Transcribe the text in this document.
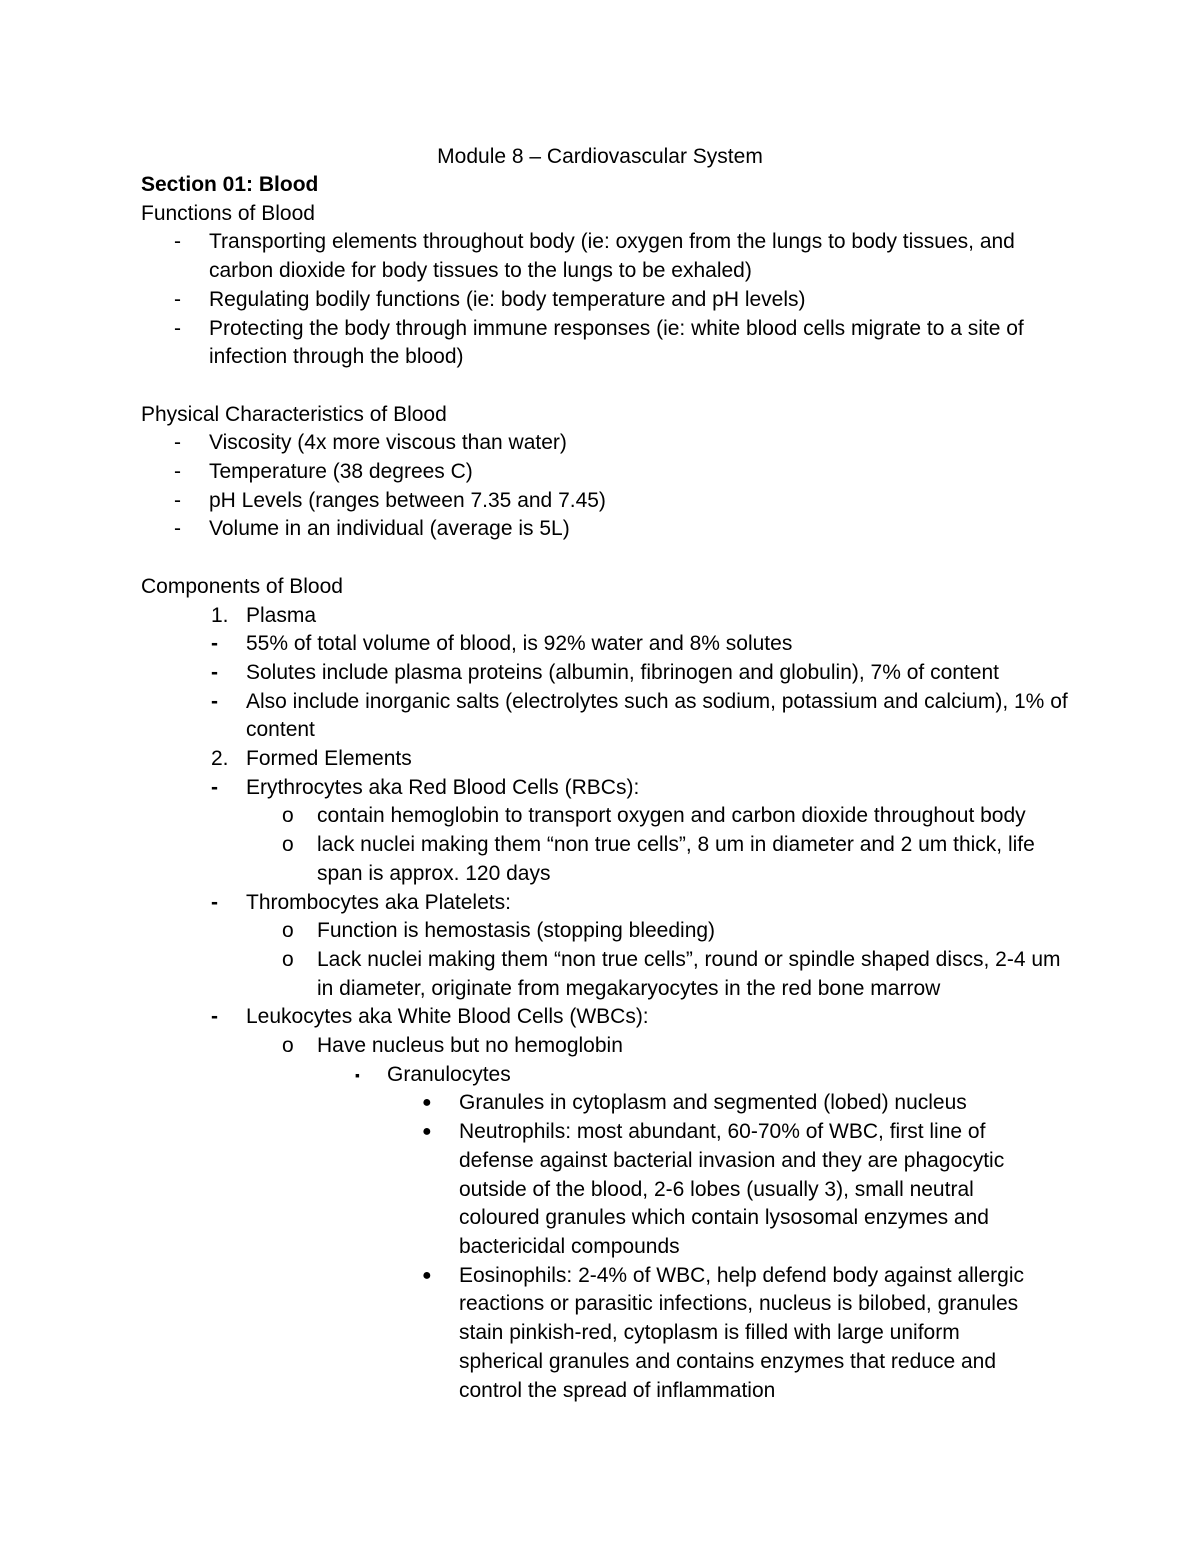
Module 8 – Cardiovascular System
Section 01: Blood
Functions of Blood
-	Transporting elements throughout body (ie: oxygen from the lungs to body tissues, and carbon dioxide for body tissues to the lungs to be exhaled)
-	Regulating bodily functions (ie: body temperature and pH levels)
-	Protecting the body through immune responses (ie: white blood cells migrate to a site of infection through the blood)
Physical Characteristics of Blood
-	Viscosity (4x more viscous than water)
-	Temperature (38 degrees C)
-	pH Levels (ranges between 7.35 and 7.45)
-	Volume in an individual (average is 5L)
Components of Blood
1. Plasma
-	55% of total volume of blood, is 92% water and 8% solutes
-	Solutes include plasma proteins (albumin, fibrinogen and globulin), 7% of content
-	Also include inorganic salts (electrolytes such as sodium, potassium and calcium), 1% of content
2. Formed Elements
-	Erythrocytes aka Red Blood Cells (RBCs):
o	contain hemoglobin to transport oxygen and carbon dioxide throughout body
o	lack nuclei making them “non true cells”, 8 um in diameter and 2 um thick, life span is approx. 120 days
-	Thrombocytes aka Platelets:
o	Function is hemostasis (stopping bleeding)
o	Lack nuclei making them “non true cells”, round or spindle shaped discs, 2-4 um in diameter, originate from megakaryocytes in the red bone marrow
-	Leukocytes aka White Blood Cells (WBCs):
o	Have nucleus but no hemoglobin
▪	Granulocytes
●	Granules in cytoplasm and segmented (lobed) nucleus
●	Neutrophils: most abundant, 60-70% of WBC, first line of defense against bacterial invasion and they are phagocytic outside of the blood, 2-6 lobes (usually 3), small neutral coloured granules which contain lysosomal enzymes and bactericidal compounds
●	Eosinophils: 2-4% of WBC, help defend body against allergic reactions or parasitic infections, nucleus is bilobed, granules stain pinkish-red, cytoplasm is filled with large uniform spherical granules and contains enzymes that reduce and control the spread of inflammation
